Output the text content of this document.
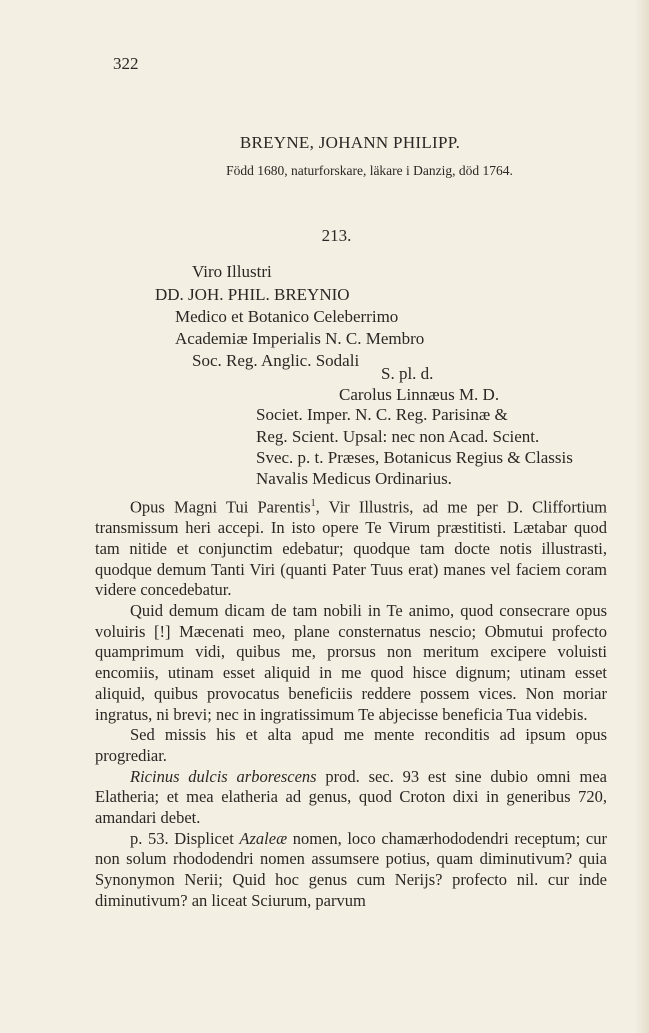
322
BREYNE, JOHANN PHILIPP.
Född 1680, naturforskare, läkare i Danzig, död 1764.
213.
Viro Illustri
DD. JOH. PHIL. BREYNIO
Medico et Botanico Celeberrimo
Academiæ Imperialis N. C. Membro
Soc. Reg. Anglic. Sodali
S. pl. d.
Carolus Linnæus M. D.
Societ. Imper. N. C. Reg. Parisinæ &
Reg. Scient. Upsal: nec non Acad. Scient.
Svec. p. t. Præses, Botanicus Regius & Classis
Navalis Medicus Ordinarius.

Opus Magni Tui Parentis$^1$, Vir Illustris, ad me per D. Cliffortium transmissum heri accepi. In isto opere Te Virum præstitisti. Lætabar quod tam nitide et conjunctim edebatur; quodque tam docte notis illustrasti, quodque demum Tanti Viri (quanti Pater Tuus erat) manes vel faciem coram videre concedebatur.

Quid demum dicam de tam nobili in Te animo, quod consecrare opus voluiris [!] Mæcenati meo, plane consternatus nescio; Obmutui profecto quamprimum vidi, quibus me, prorsus non meritum excipere voluisti encomiis, utinam esset aliquid in me quod hisce dignum; utinam esset aliquid, quibus provocatus beneficiis reddere possem vices. Non moriar ingratus, ni brevi; nec in ingratissimum Te abjecisse beneficia Tua videbis.

Sed missis his et alta apud me mente reconditis ad ipsum opus progrediar.

Ricinus dulcis arborescens prod. sec. 93 est sine dubio omni mea Elatheria; et mea elatheria ad genus, quod Croton dixi in generibus 720, amandari debet.

p. 53. Displicet Azaleæ nomen, loco chamærhododendri receptum; cur non solum rhododendri nomen assumsere potius, quam diminutivum? quia Synonymon Nerii; Quid hoc genus cum Nerijs? profecto nil. cur inde diminutivum? an liceat Sciurum, parvum
